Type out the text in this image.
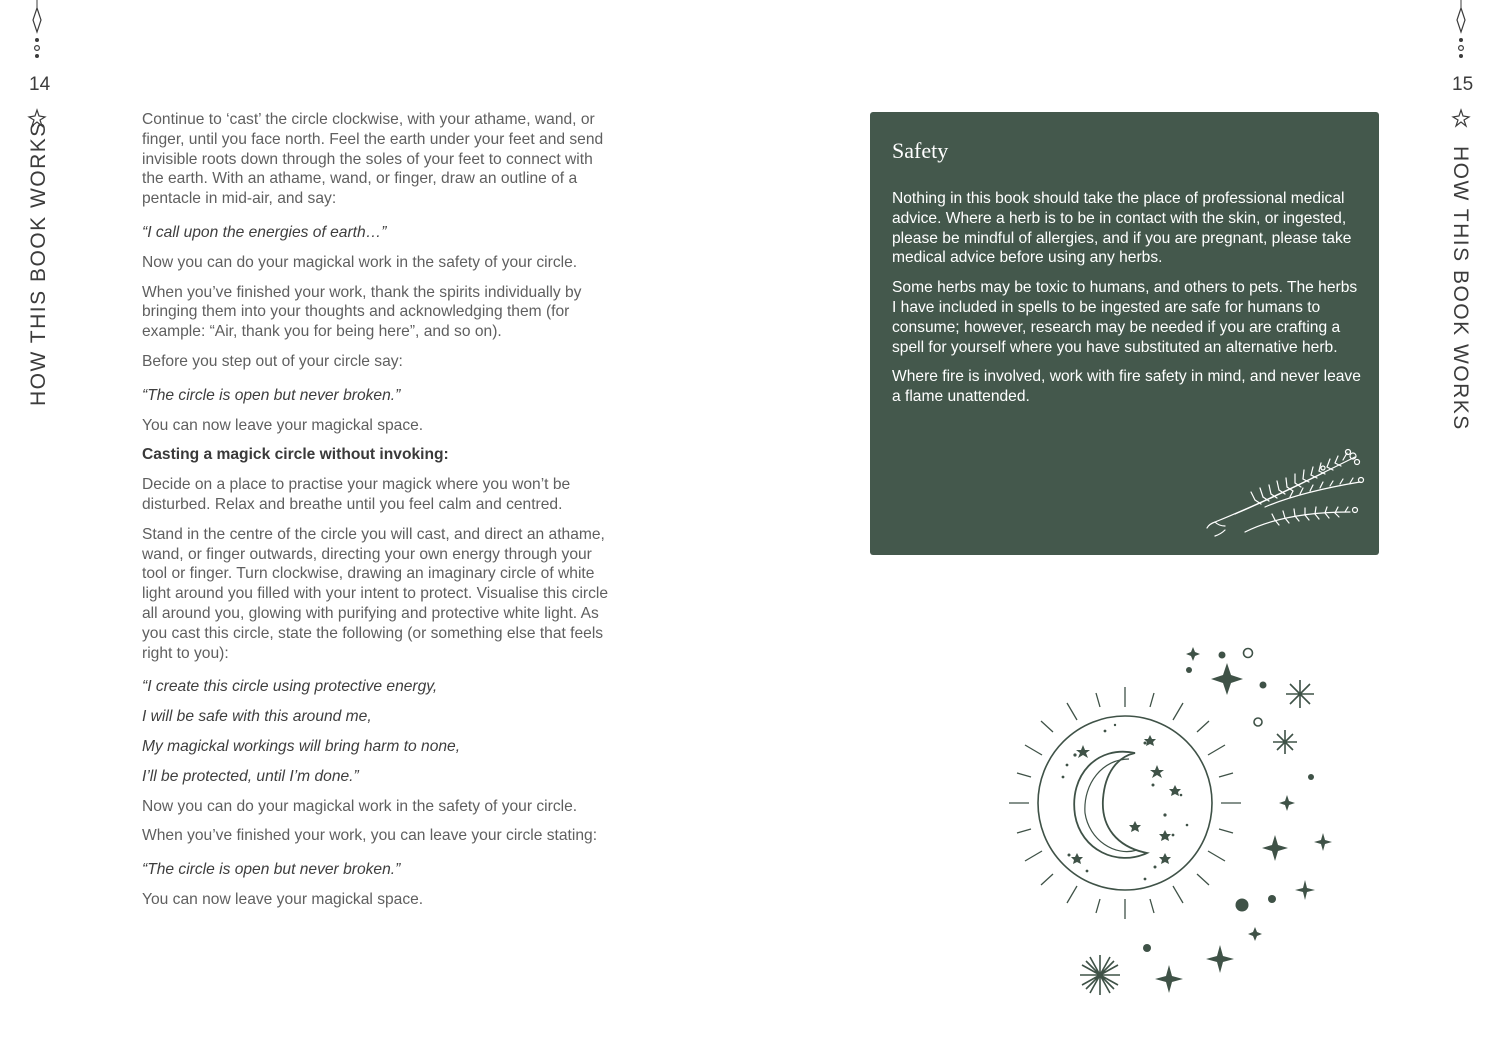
14
HOW THIS BOOK WORKS
15
HOW THIS BOOK WORKS

Continue to ‘cast’ the circle clockwise, with your athame, wand, or finger, until you face north. Feel the earth under your feet and send invisible roots down through the soles of your feet to connect with the earth. With an athame, wand, or finger, draw an outline of a pentacle in mid-air, and say:

“I call upon the energies of earth…”

Now you can do your magickal work in the safety of your circle.

When you’ve finished your work, thank the spirits individually by bringing them into your thoughts and acknowledging them (for example: “Air, thank you for being here”, and so on).

Before you step out of your circle say:

“The circle is open but never broken.”

You can now leave your magickal space.

Casting a magick circle without invoking:

Decide on a place to practise your magick where you won’t be disturbed. Relax and breathe until you feel calm and centred.

Stand in the centre of the circle you will cast, and direct an athame, wand, or finger outwards, directing your own energy through your tool or finger. Turn clockwise, drawing an imaginary circle of white light around you filled with your intent to protect. Visualise this circle all around you, glowing with purifying and protective white light. As you cast this circle, state the following (or something else that feels right to you):

“I create this circle using protective energy,

I will be safe with this around me,

My magickal workings will bring harm to none,

I’ll be protected, until I’m done.”

Now you can do your magickal work in the safety of your circle.

When you’ve finished your work, you can leave your circle stating:

“The circle is open but never broken.”

You can now leave your magickal space.

Safety

Nothing in this book should take the place of professional medical advice. Where a herb is to be in contact with the skin, or ingested, please be mindful of allergies, and if you are pregnant, please take medical advice before using any herbs.

Some herbs may be toxic to humans, and others to pets. The herbs I have included in spells to be ingested are safe for humans to consume; however, research may be needed if you are crafting a spell for yourself where you have substituted an alternative herb.

Where fire is involved, work with fire safety in mind, and never leave a flame unattended.
